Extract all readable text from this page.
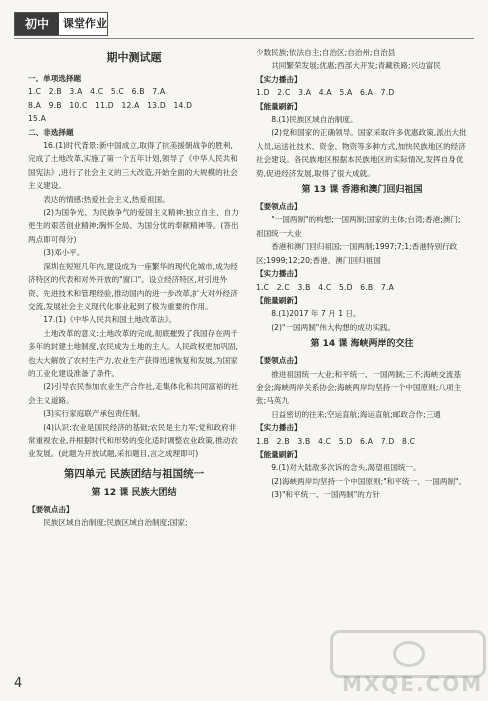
初中	课堂作业

期中测试题

一、单项选择题

1.C 2.B 3.A 4.C 5.C 6.B 7.A

8.A 9.B 10.C 11.D 12.A 13.D 14.D

15.A

二、非选择题

16.(1)时代背景:新中国成立,取得了抗美援朝战争的胜利,完成了土地改革,实施了第一个五年计划,领导了《中华人民共和国宪法》,进行了社会主义的三大改造,开始全面的大规模的社会主义建设。

表达的情感:热爱社会主义,热爱祖国。

(2)为国争光、为民族争气的爱国主义精神;独立自主、自力更生的艰苦创业精神;胸怀全局、为国分忧的奉献精神等。(答出两点即可得分)

(3)邓小平。

深圳在短短几年内,建设成为一座繁华的现代化城市,成为经济特区的代表和对外开放的"窗口"。设立经济特区,对引进外资、先进技术和管理经验,推动国内的进一步改革,扩大对外经济交流,发展社会主义现代化事业起到了极为重要的作用。

17.(1)《中华人民共和国土地改革法》。

土地改革的意义:土地改革的完成,彻底摧毁了我国存在两千多年的封建土地制度,农民成为土地的主人。人民政权更加巩固,也大大解放了农村生产力,农业生产获得迅速恢复和发展,为国家的工业化建设准备了条件。

(2)引导农民参加农业生产合作社,走集体化和共同富裕的社会主义道路。

(3)实行家庭联产承包责任制。

(4)认识:农业是国民经济的基础;农民是主力军;党和政府非常重视农业,并根据时代和形势的变化适时调整农业政策,推动农业发展。(此题为开放试题,采扣题目,言之成理即可)

第四单元 民族团结与祖国统一

第 12 课 民族大团结

【要领点击】

民族区域自治制度;民族区域自治制度;国家;

少数民族;依法自主;自治区;自治州;自治县

共同繁荣发展;优惠;西部大开发;青藏铁路;兴边富民

【实力播击】

1.D 2.C 3.A 4.A 5.A 6.A 7.D

【能量刷新】

8.(1)民族区域自治制度。

(2)党和国家的正确领导。国家采取许多优惠政策,派出大批人员,运送社技术、资金、物资等多种方式,加快民族地区的经济社会建设。各民族地区根据本民族地区的实际情况,发挥自身优势,促进经济发展,取得了很大成就。

第 13 课 香港和澳门回归祖国

【要领点击】

"一国两制"的构想;一国两制;国家的主体;台湾;香港;澳门;祖国统一大业

香港和澳门回归祖国;一国两制;1997;7;1;香港特别行政区;1999;12;20;香港、澳门回归祖国

【实力播击】

1.C 2.C 3.B 4.C 5.D 6.B 7.A

【能量刷新】

8.(1)2017 年 7 月 1 日。

(2)"一国两制"伟大构想的成功实践。

第 14 课 海峡两岸的交往

【要领点击】

推进祖国统一大业;和平统一、一国两制;三不;海峡交流基金会;海峡两岸关系协会;海峡两岸均坚持一个中国原则;八项主张;马英九

日益密切的往来;空运直航;海运直航;邮政合作;三通

【实力播击】

1.B 2.B 3.B 4.C 5.D 6.A 7.D 8.C

【能量刷新】

9.(1)对大陆敌多次诉的念头,渴望祖国统一。

(2)海峡两岸均坚持一个中国原则;"和平统一、一国两制"。

(3)"和平统一、一国两制"的方针

4	MXQE.COM
